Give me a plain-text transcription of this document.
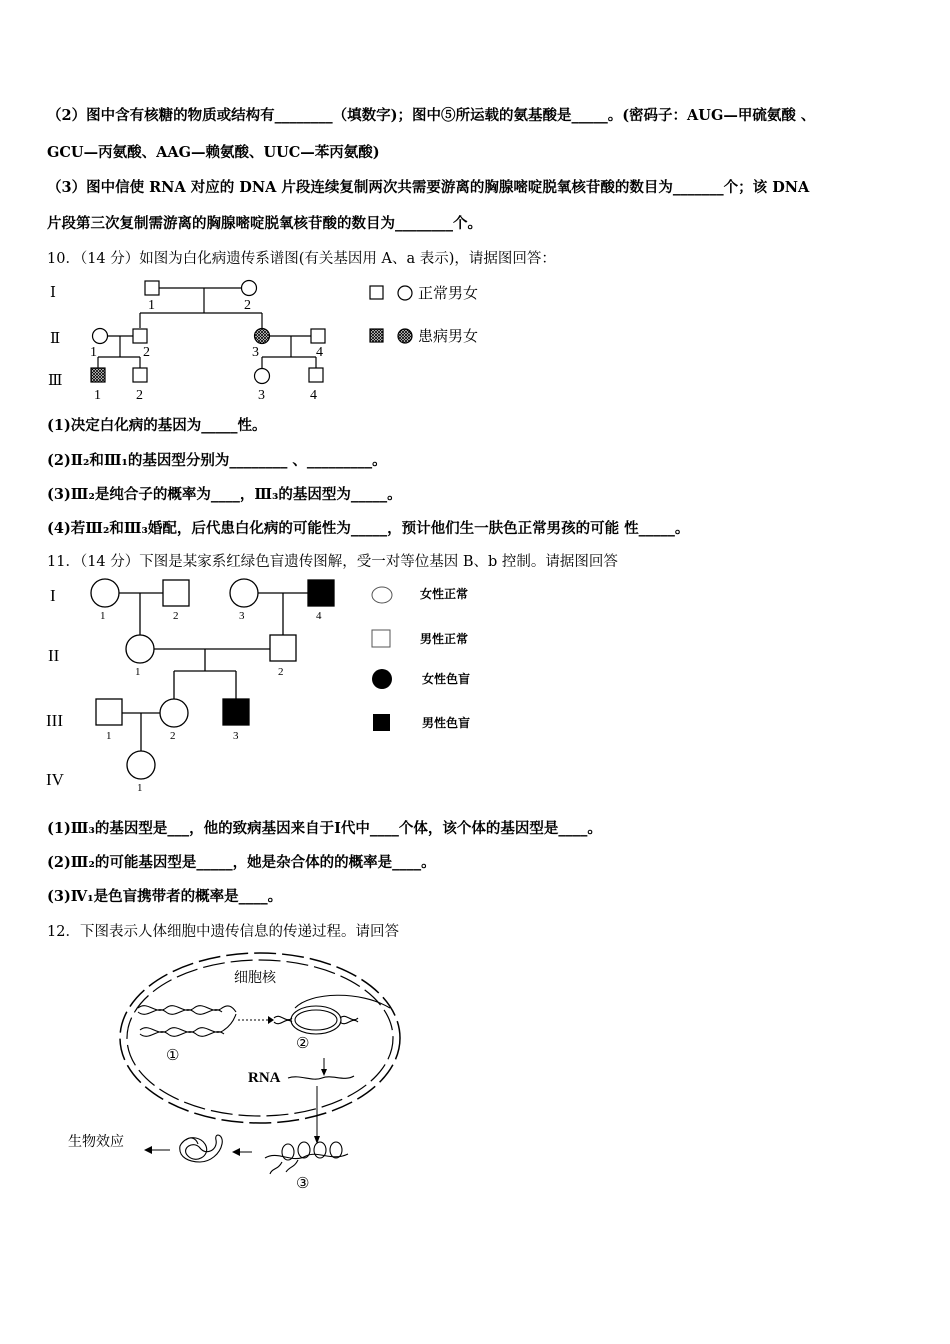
（2）图中含有核糖的物质或结构有________（填数字)；图中⑤所运载的氨基酸是_____。(密码子：AUG—甲硫氨酸 、
GCU—丙氨酸、AAG—赖氨酸、UUC—苯丙氨酸)
（3）图中信使 RNA 对应的 DNA 片段连续复制两次共需要游离的胸腺嘧啶脱氧核苷酸的数目为_______个；该 DNA
片段第三次复制需游离的胸腺嘧啶脱氧核苷酸的数目为________个。
10．（14 分）如图为白化病遗传系谱图(有关基因用 A、a 表示)，请据图回答：
Ⅰ
Ⅱ
Ⅲ
1	2
1	2	3	4
1	2	3	4
正常男女
患病男女
(1)决定白化病的基因为_____性。
(2)Ⅱ₂和Ⅲ₁的基因型分别为________ 、_________。
(3)Ⅲ₂是纯合子的概率为____，Ⅲ₃的基因型为_____。
(4)若Ⅲ₂和Ⅲ₃婚配，后代患白化病的可能性为_____，预计他们生一肤色正常男孩的可能 性_____。
11．（14 分）下图是某家系红绿色盲遗传图解，受一对等位基因 B、b 控制。请据图回答
I
II
III
IV
1	2	3	4
1	2
1	2	3
1
女性正常
男性正常
女性色盲
男性色盲
(1)Ⅲ₃的基因型是___，他的致病基因来自于Ⅰ代中____个体，该个体的基因型是____。
(2)Ⅲ₂的可能基因型是_____，她是杂合体的的概率是____。
(3)Ⅳ₁是色盲携带者的概率是____。
12．下图表示人体细胞中遗传信息的传递过程。请回答
细胞核
①
②
RNA
③
生物效应
